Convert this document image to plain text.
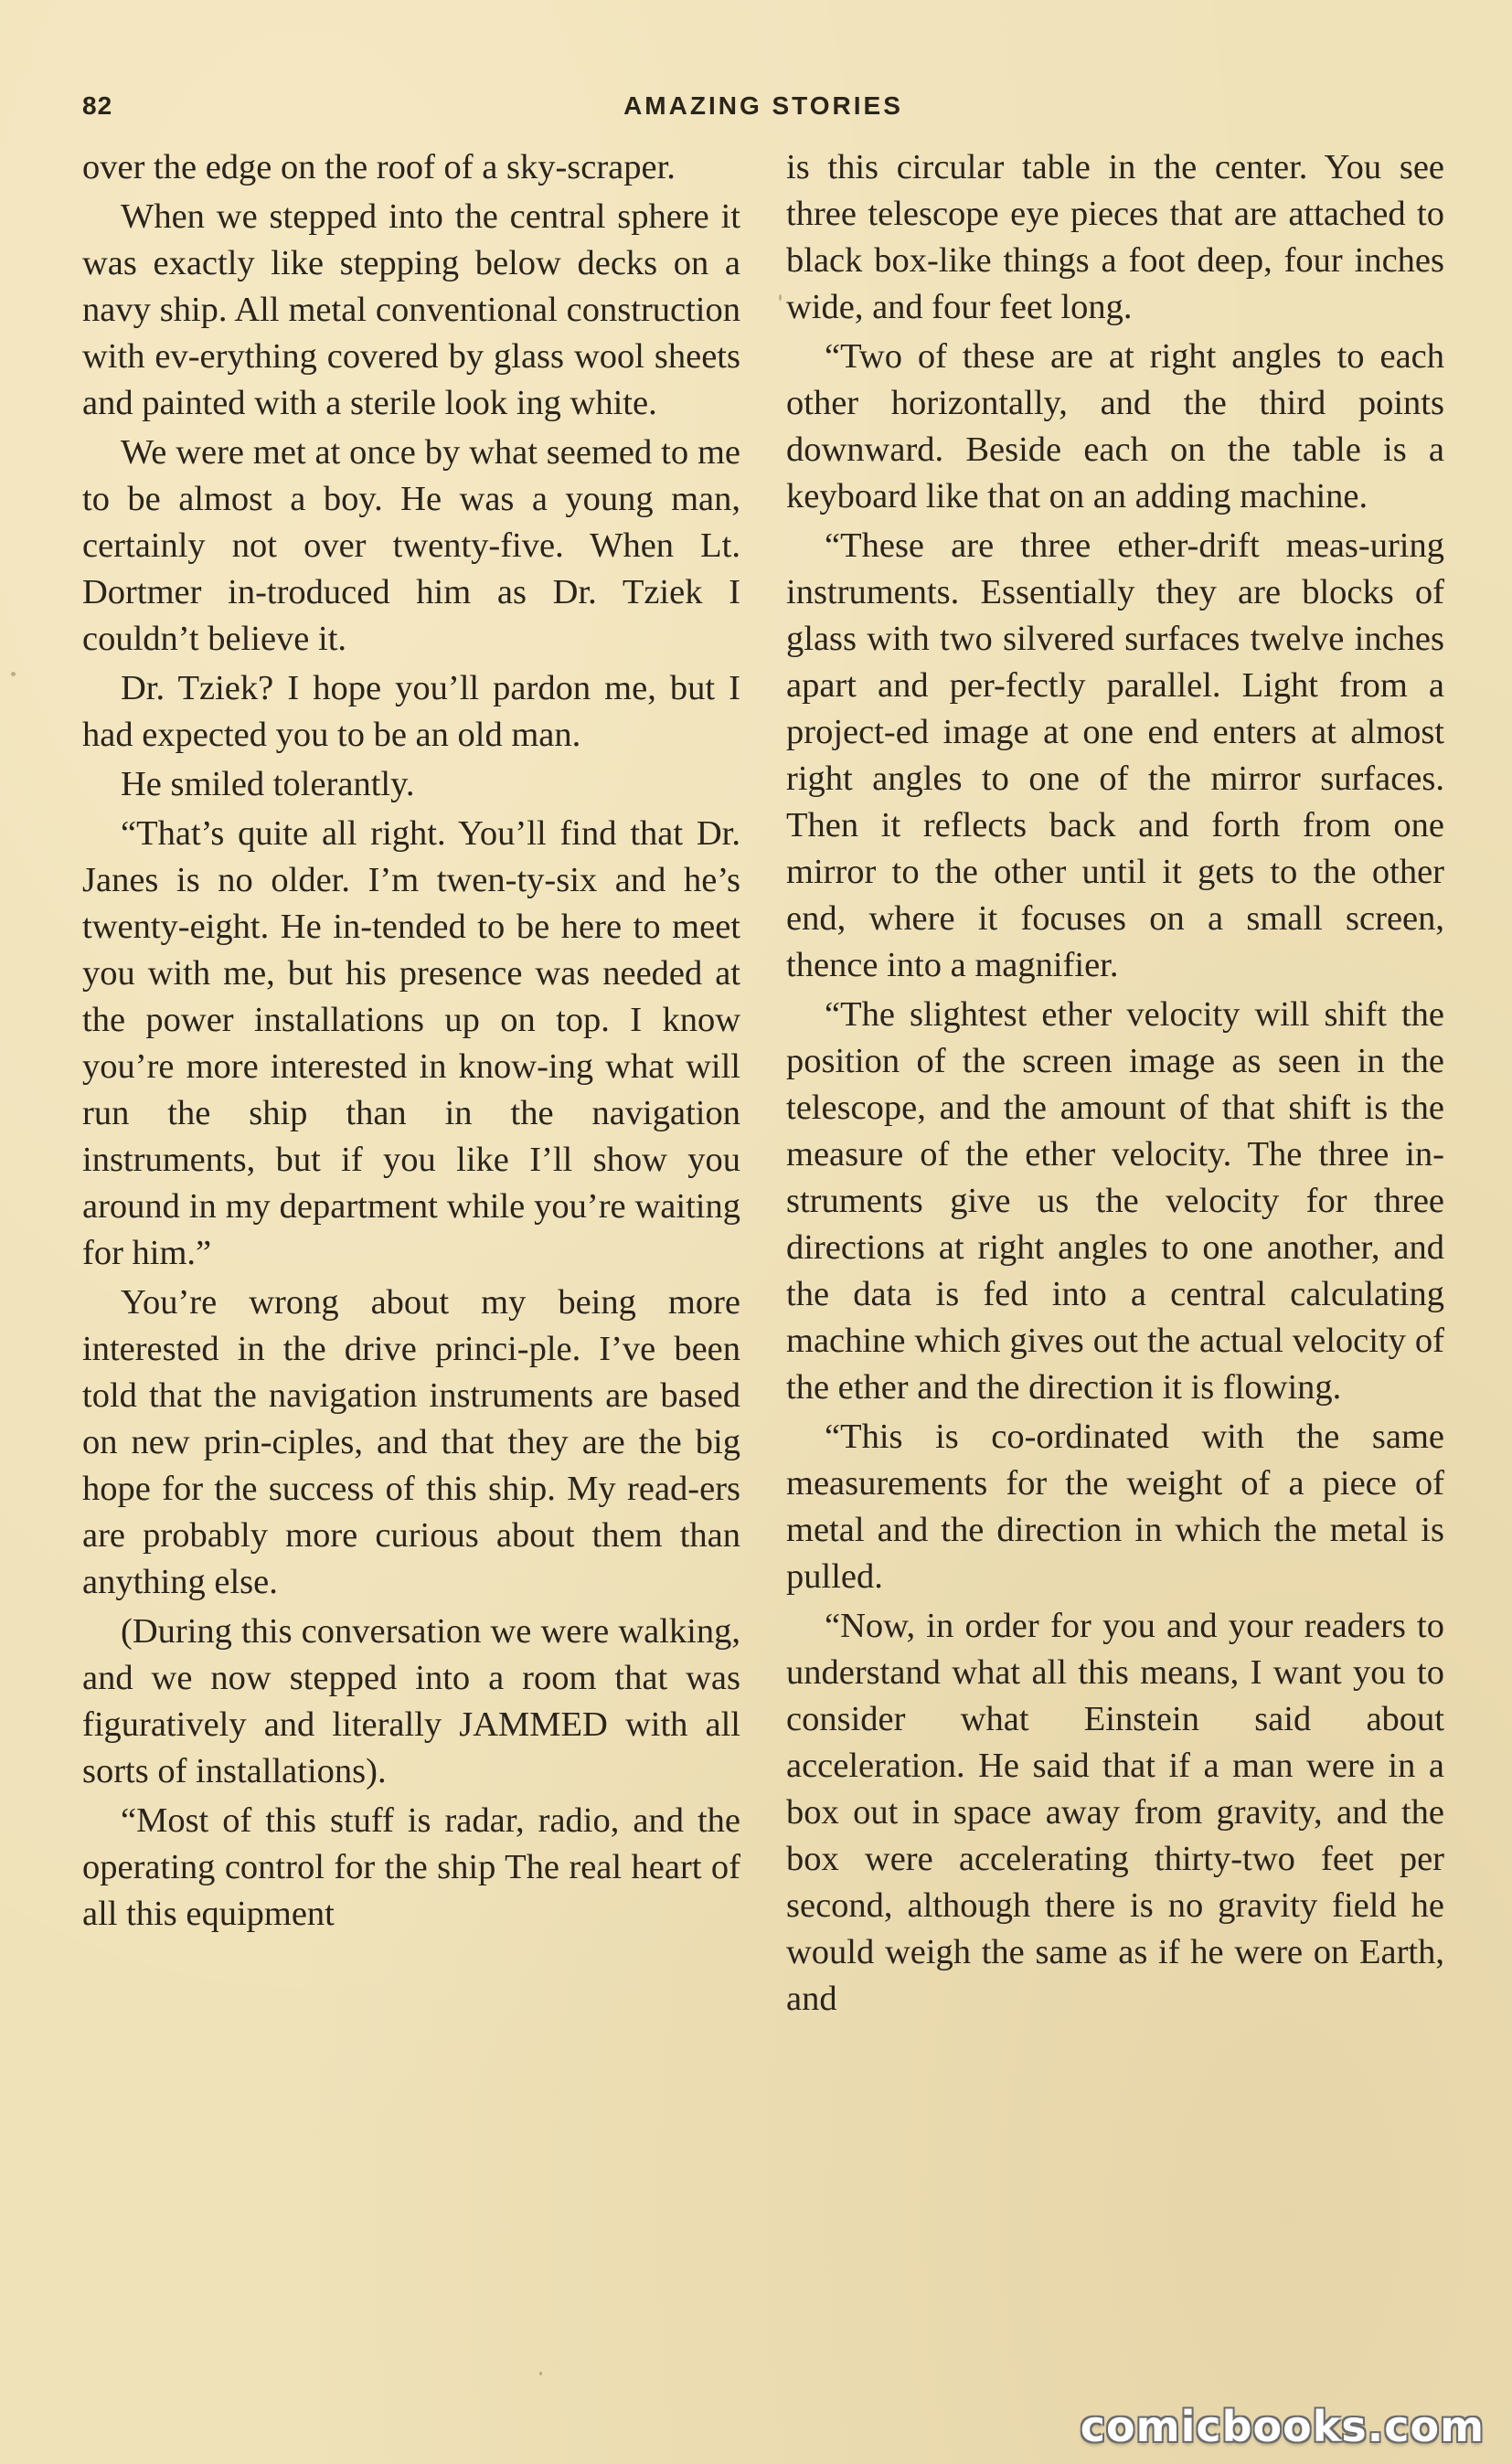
82	AMAZING STORIES

over the edge on the roof of a sky-scraper.

When we stepped into the central sphere it was exactly like stepping below decks on a navy ship. All metal conventional construction with ev-erything covered by glass wool sheets and painted with a sterile look ing white.

We were met at once by what seemed to me to be almost a boy. He was a young man, certainly not over twenty-five. When Lt. Dortmer in-troduced him as Dr. Tziek I couldn’t believe it.

Dr. Tziek? I hope you’ll pardon me, but I had expected you to be an old man.

He smiled tolerantly.

“That’s quite all right. You’ll find that Dr. Janes is no older. I’m twen-ty-six and he’s twenty-eight. He in-tended to be here to meet you with me, but his presence was needed at the power installations up on top. I know you’re more interested in know-ing what will run the ship than in the navigation instruments, but if you like I’ll show you around in my department while you’re waiting for him.”

You’re wrong about my being more interested in the drive princi-ple. I’ve been told that the navigation instruments are based on new prin-ciples, and that they are the big hope for the success of this ship. My read-ers are probably more curious about them than anything else.

(During this conversation we were walking, and we now stepped into a room that was figuratively and literally JAMMED with all sorts of installations).

“Most of this stuff is radar, radio, and the operating control for the ship The real heart of all this equipment

is this circular table in the center. You see three telescope eye pieces that are attached to black box-like things a foot deep, four inches wide, and four feet long.

“Two of these are at right angles to each other horizontally, and the third points downward. Beside each on the table is a keyboard like that on an adding machine.

“These are three ether-drift meas-uring instruments. Essentially they are blocks of glass with two silvered surfaces twelve inches apart and per-fectly parallel. Light from a project-ed image at one end enters at almost right angles to one of the mirror surfaces. Then it reflects back and forth from one mirror to the other until it gets to the other end, where it focuses on a small screen, thence into a magnifier.

“The slightest ether velocity will shift the position of the screen image as seen in the telescope, and the amount of that shift is the measure of the ether velocity. The three in-struments give us the velocity for three directions at right angles to one another, and the data is fed into a central calculating machine which gives out the actual velocity of the ether and the direction it is flowing.

“This is co-ordinated with the same measurements for the weight of a piece of metal and the direction in which the metal is pulled.

“Now, in order for you and your readers to understand what all this means, I want you to consider what Einstein said about acceleration. He said that if a man were in a box out in space away from gravity, and the box were accelerating thirty-two feet per second, although there is no gravity field he would weigh the same as if he were on Earth, and

comicbooks.com
